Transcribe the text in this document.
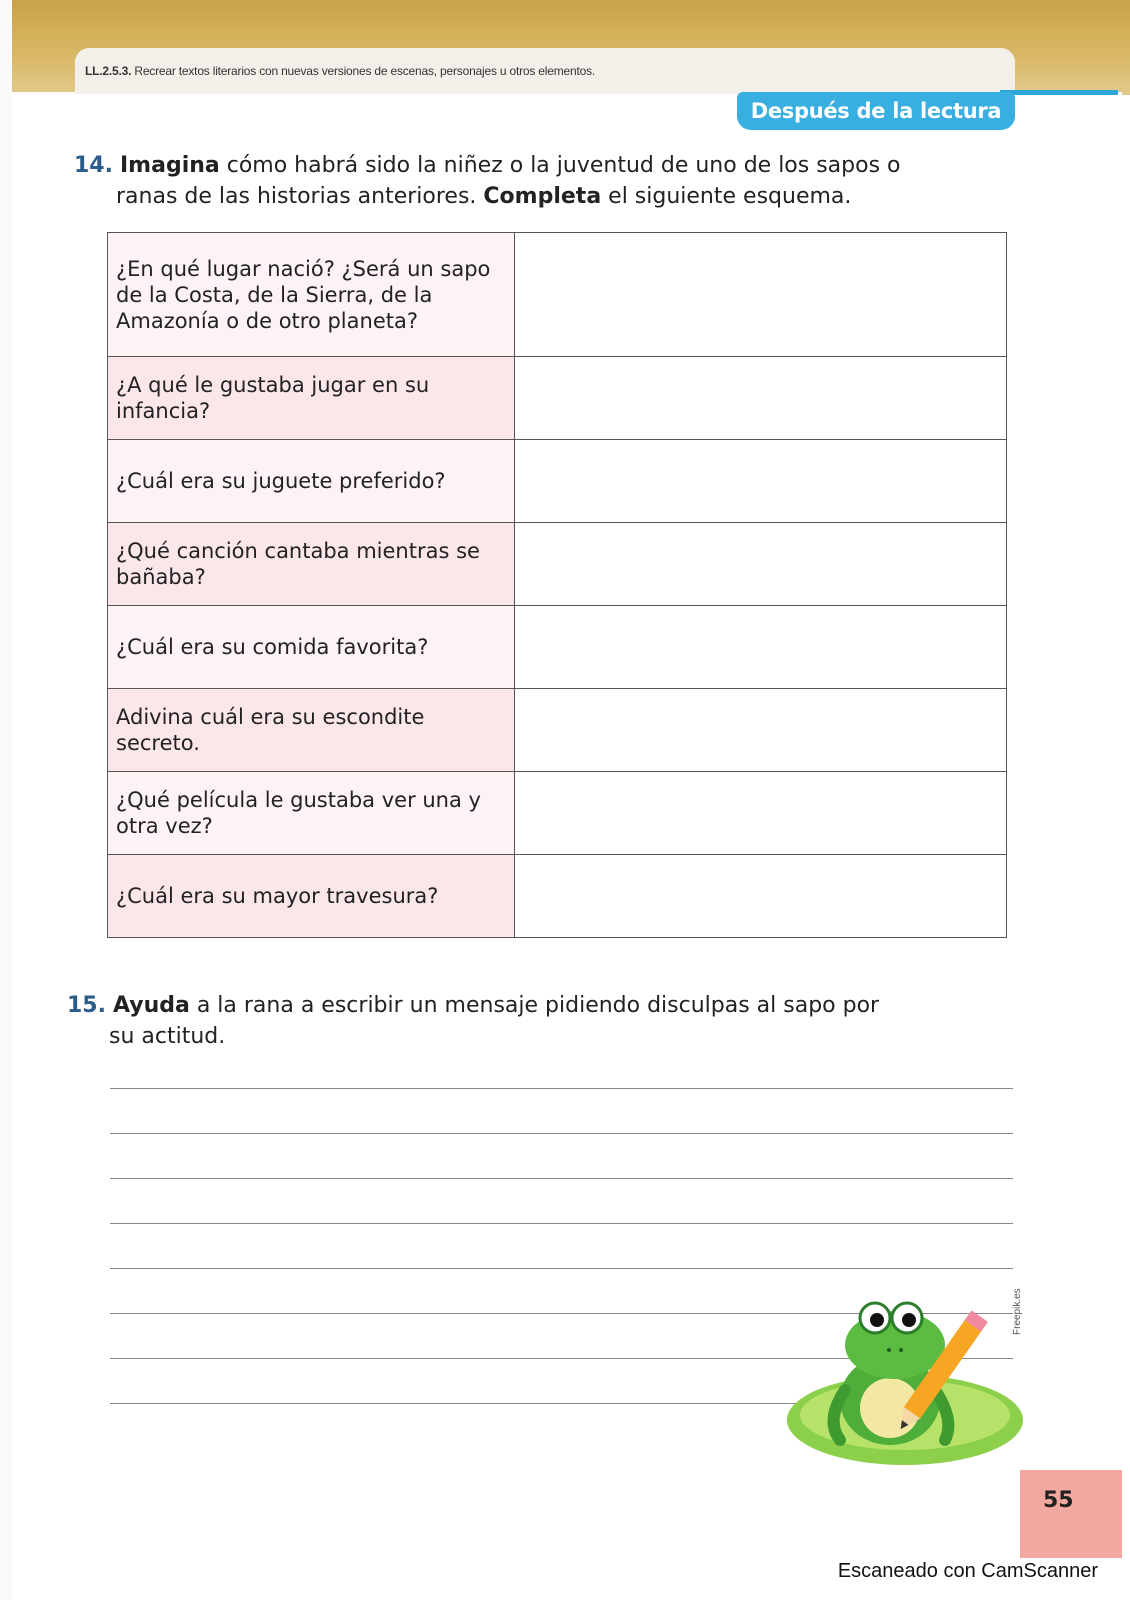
LL.2.5.3. Recrear textos literarios con nuevas versiones de escenas, personajes u otros elementos.
Después de la lectura
14. Imagina cómo habrá sido la niñez o la juventud de uno de los sapos o
ranas de las historias anteriores. Completa el siguiente esquema.
¿En qué lugar nació? ¿Será un sapo de la Costa, de la Sierra, de la Amazonía o de otro planeta?	
¿A qué le gustaba jugar en su infancia?	
¿Cuál era su juguete preferido?	
¿Qué canción cantaba mientras se bañaba?	
¿Cuál era su comida favorita?	
Adivina cuál era su escondite secreto.	
¿Qué película le gustaba ver una y otra vez?	
¿Cuál era su mayor travesura?	
15. Ayuda a la rana a escribir un mensaje pidiendo disculpas al sapo por
su actitud.
Freepik.es
55
Escaneado con CamScanner
